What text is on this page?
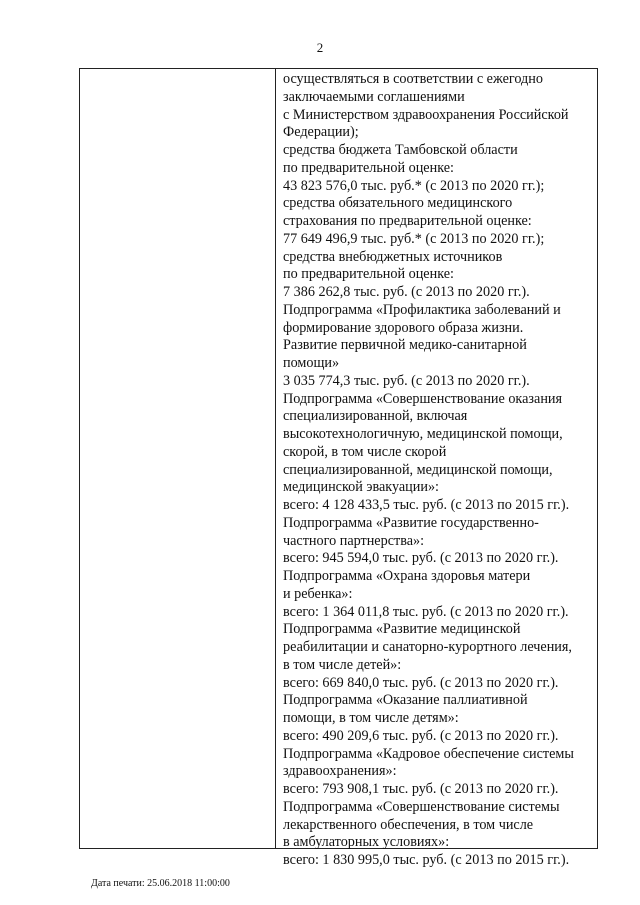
2
осуществляться в соответствии с ежегодно
заключаемыми соглашениями
с Министерством здравоохранения Российской
Федерации);
средства бюджета Тамбовской области
по предварительной оценке:
43 823 576,0 тыс. руб.* (с 2013 по 2020 гг.);
средства обязательного медицинского
страхования по предварительной оценке:
77 649 496,9 тыс. руб.* (с 2013 по 2020 гг.);
средства внебюджетных источников
по предварительной оценке:
7 386 262,8 тыс. руб. (с 2013 по 2020 гг.).
Подпрограмма «Профилактика заболеваний и
формирование здорового образа жизни.
Развитие первичной медико-санитарной
помощи»
3 035 774,3 тыс. руб. (с 2013 по 2020 гг.).
Подпрограмма «Совершенствование оказания
специализированной, включая
высокотехнологичную, медицинской помощи,
скорой, в том числе скорой
специализированной, медицинской помощи,
медицинской эвакуации»:
всего: 4 128 433,5 тыс. руб. (с 2013 по 2015 гг.).
Подпрограмма «Развитие государственно-
частного партнерства»:
всего: 945 594,0 тыс. руб. (с 2013 по 2020 гг.).
Подпрограмма «Охрана здоровья матери
и ребенка»:
всего: 1 364 011,8 тыс. руб. (с 2013 по 2020 гг.).
Подпрограмма «Развитие медицинской
реабилитации и санаторно-курортного лечения,
в том числе детей»:
всего: 669 840,0 тыс. руб. (с 2013 по 2020 гг.).
Подпрограмма «Оказание паллиативной
помощи, в том числе детям»:
всего: 490 209,6 тыс. руб. (с 2013 по 2020 гг.).
Подпрограмма «Кадровое обеспечение системы
здравоохранения»:
всего: 793 908,1 тыс. руб. (с 2013 по 2020 гг.).
Подпрограмма «Совершенствование системы
лекарственного обеспечения, в том числе
в амбулаторных условиях»:
всего: 1 830 995,0 тыс. руб. (с 2013 по 2015 гг.).
Дата печати: 25.06.2018 11:00:00
